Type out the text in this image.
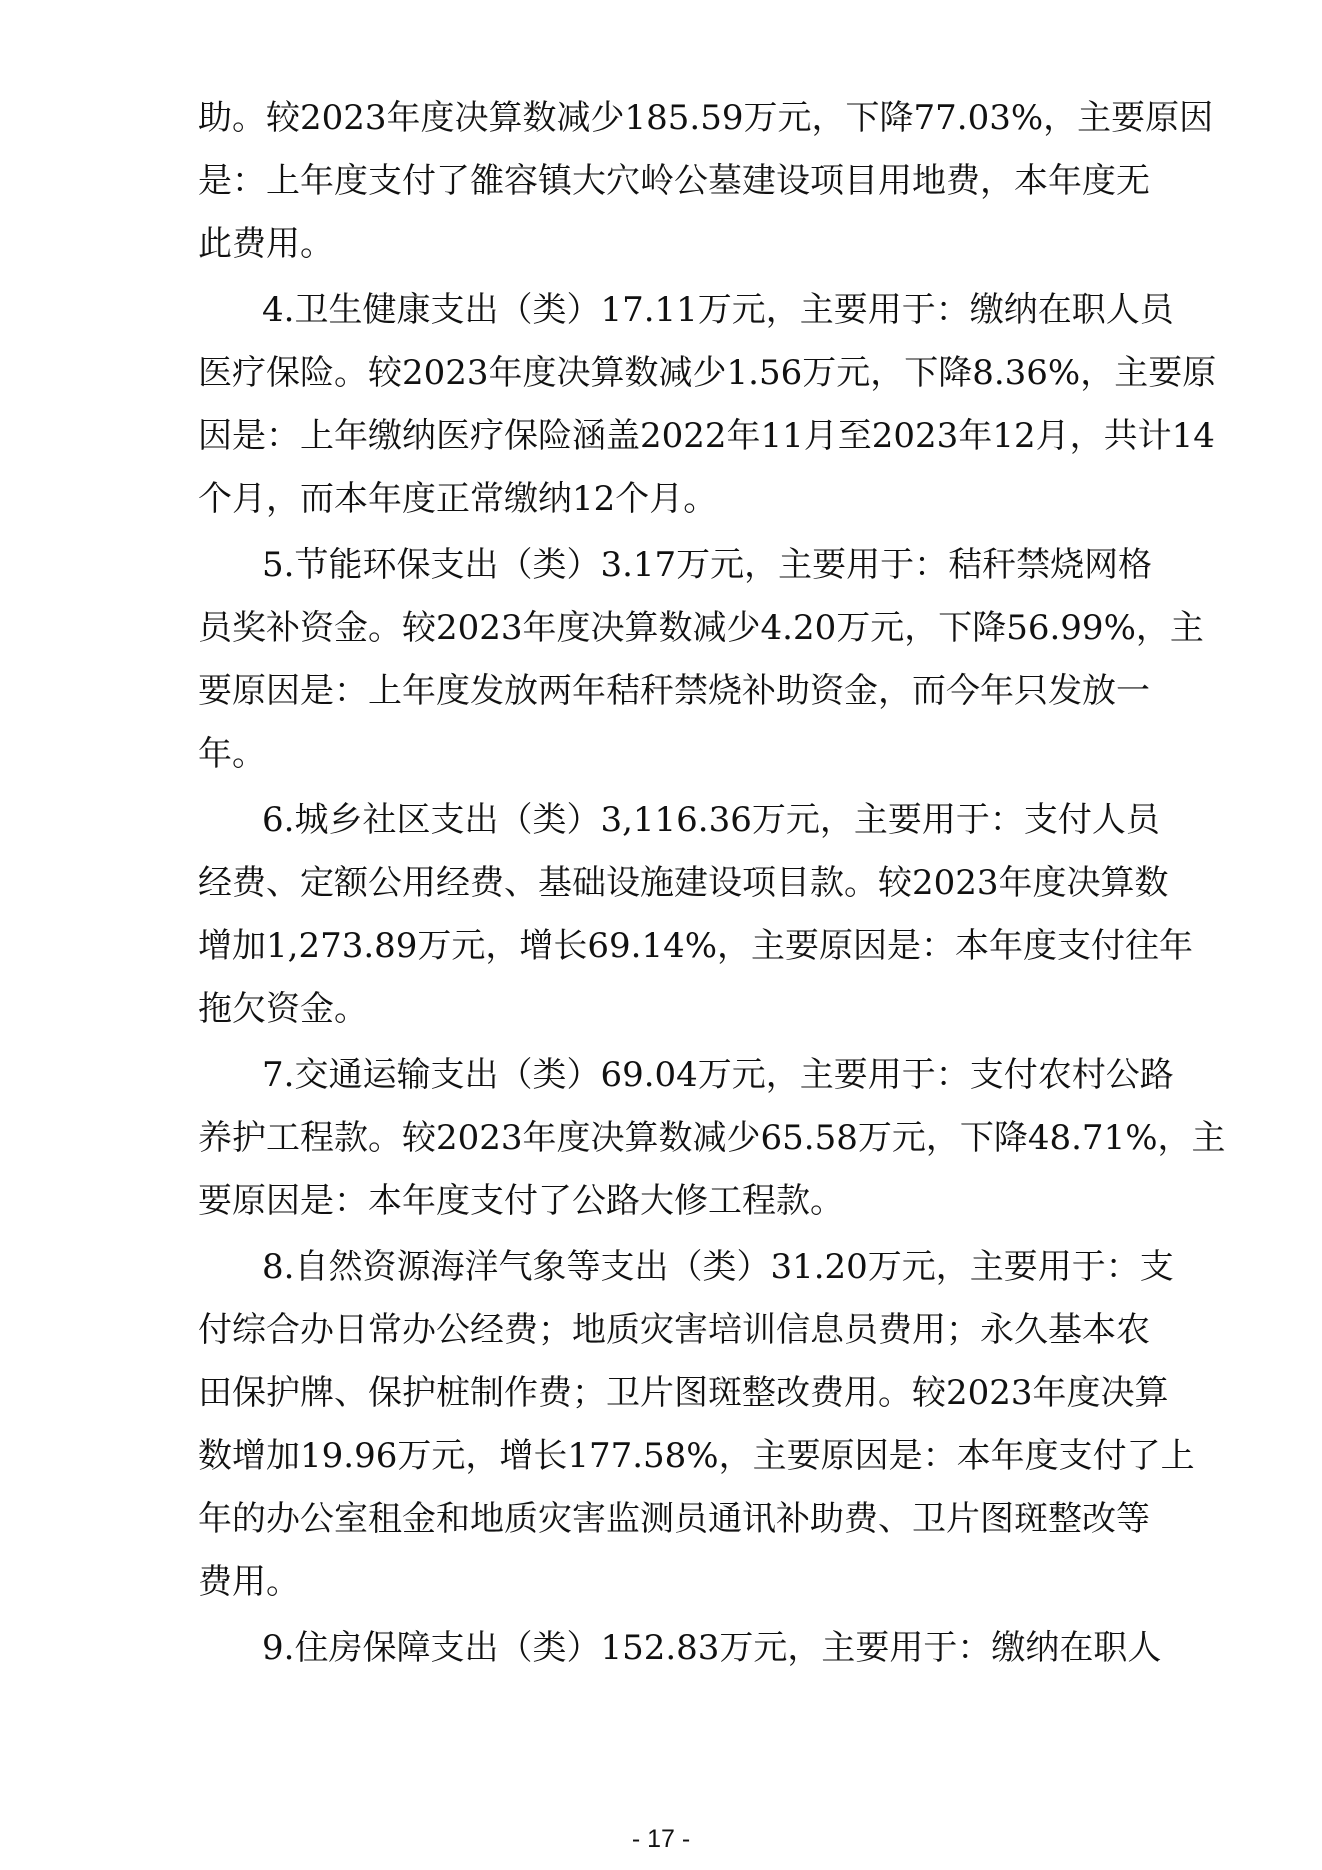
助。较2023年度决算数减少185.59万元，下降77.03%，主要原因
是：上年度支付了雒容镇大穴岭公墓建设项目用地费，本年度无
此费用。
4.卫生健康支出（类）17.11万元，主要用于：缴纳在职人员
医疗保险。较2023年度决算数减少1.56万元，下降8.36%，主要原
因是：上年缴纳医疗保险涵盖2022年11月至2023年12月，共计14
个月，而本年度正常缴纳12个月。
5.节能环保支出（类）3.17万元，主要用于：秸秆禁烧网格
员奖补资金。较2023年度决算数减少4.20万元，下降56.99%，主
要原因是：上年度发放两年秸秆禁烧补助资金，而今年只发放一
年。
6.城乡社区支出（类）3,116.36万元，主要用于：支付人员
经费、定额公用经费、基础设施建设项目款。较2023年度决算数
增加1,273.89万元，增长69.14%，主要原因是：本年度支付往年
拖欠资金。
7.交通运输支出（类）69.04万元，主要用于：支付农村公路
养护工程款。较2023年度决算数减少65.58万元，下降48.71%，主
要原因是：本年度支付了公路大修工程款。
8.自然资源海洋气象等支出（类）31.20万元，主要用于：支
付综合办日常办公经费；地质灾害培训信息员费用；永久基本农
田保护牌、保护桩制作费；卫片图斑整改费用。较2023年度决算
数增加19.96万元，增长177.58%，主要原因是：本年度支付了上
年的办公室租金和地质灾害监测员通讯补助费、卫片图斑整改等
费用。
9.住房保障支出（类）152.83万元，主要用于：缴纳在职人
- 17 -
